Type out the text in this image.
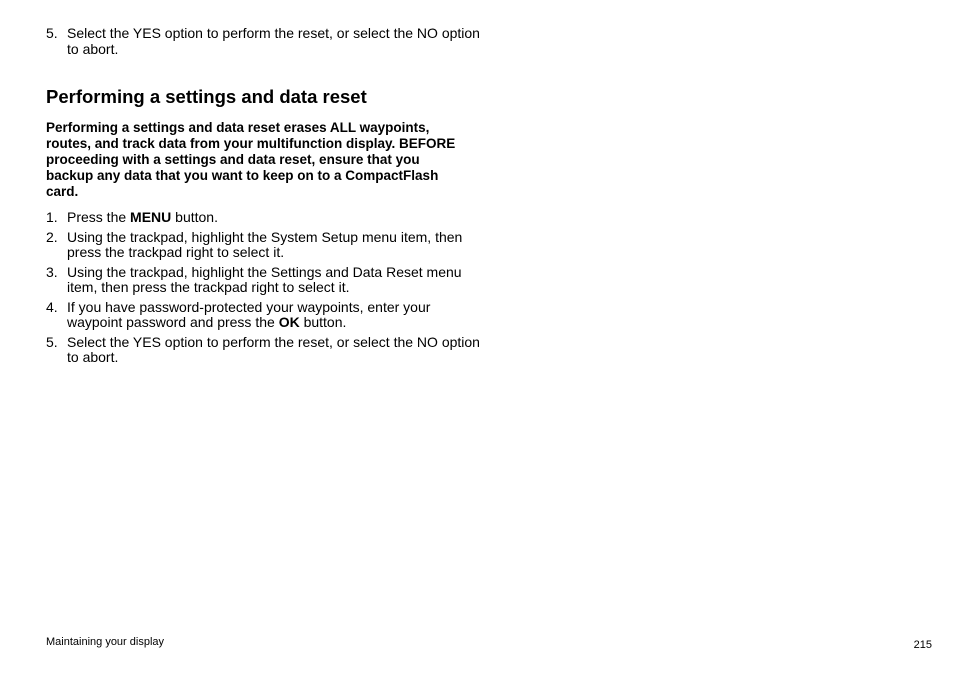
5. Select the YES option to perform the reset, or select the NO option to abort.
Performing a settings and data reset
Performing a settings and data reset erases ALL waypoints, routes, and track data from your multifunction display. BEFORE proceeding with a settings and data reset, ensure that you backup any data that you want to keep on to a CompactFlash card.
1. Press the MENU button.
2. Using the trackpad, highlight the System Setup menu item, then press the trackpad right to select it.
3. Using the trackpad, highlight the Settings and Data Reset menu item, then press the trackpad right to select it.
4. If you have password-protected your waypoints, enter your waypoint password and press the OK button.
5. Select the YES option to perform the reset, or select the NO option to abort.
Maintaining your display	215
